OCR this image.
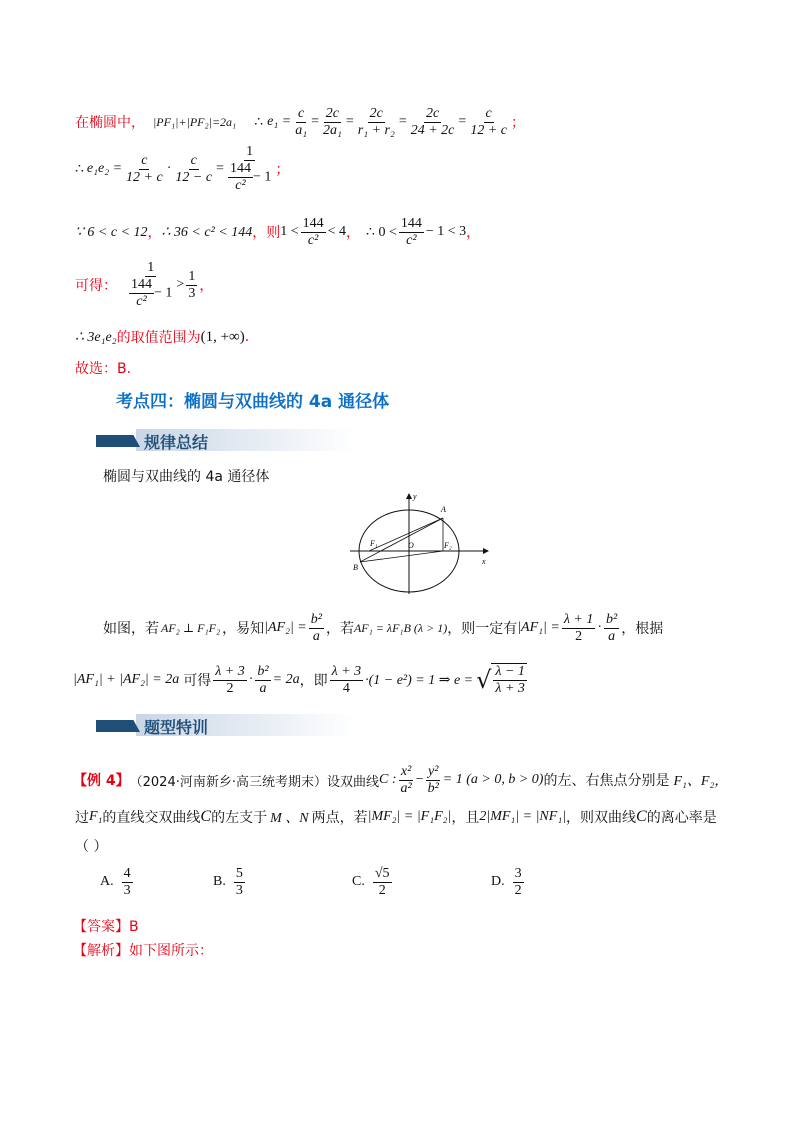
在椭圆中， |PF₁|+|PF₂|=2a₁ ∴ $e_1 = \frac{c}{\text{a₁}} = \frac{2c}{\text{2a₁}} = \frac{2c}{\text{r₁ + r₂}} = \frac{2c}{24 + 2c} = \frac{c}{12 + c}$ ；
∴ $e_1e_2 = \frac{c}{12 + c} \cdot \frac{c}{12 - c} = \frac{1}{\frac{144}{\text{c²}} - 1}$ ；
∵ 6 < c < 12 ， ∴ 36 < c² < 144 ， 则 $1 < \frac{144}{\text{c²}} < 4$ ， ∴ $0 < \frac{144}{\text{c²}} - 1 < 3$ ，
可得： $\frac{1}{\frac{144}{\text{c²}} - 1} > \frac{1}{3}$ ，
∴ 3e₁e₂ 的取值范围为 (1, +∞) .
故选：B.
考点四：椭圆与双曲线的 4a 通径体
规律总结
椭圆与双曲线的 4a 通径体
y
x
A
B
O
F₁	F₂
如图，若 AF₂ ⊥ F₁F₂ ，易知 $|AF_2| = \frac{\text{b²}}{a}$ ，若 AF₁ = λF₁B (λ > 1) ，则一定有 $|AF_1| = \frac{\lambda + 1}{2} \cdot \frac{\text{b²}}{a}$ ，根据
|AF₁| + |AF₂| = 2a 可得 $\frac{\lambda + 3}{2} \cdot \frac{\text{b²}}{a} = 2a$ ，即 $\frac{\lambda + 3}{4} \cdot(1 - e^2) = 1$ ⇒ e = √ $\frac{\lambda - 1}{\lambda + 3}$
题型特训
【例 4】 （2024·河南新乡·高三统考期末）设双曲线 C : $\frac{\text{x²}}{\text{a²}} - \frac{\text{y²}}{\text{b²}} = 1$ (a > 0, b > 0) 的左、右焦点分别是 F₁、F₂，
过 F₁ 的直线交双曲线 C 的左支于 M 、N 两点，若 |MF₂| = |F₁F₂| ，且 2|MF₁| = |NF₁| ，则双曲线 C 的离心率是
（ ）
A. $\frac{4}{3}$	B. $\frac{5}{3}$	C. $\frac{√5}{2}$	D. $\frac{3}{2}$
【答案】B
【解析】如下图所示：
